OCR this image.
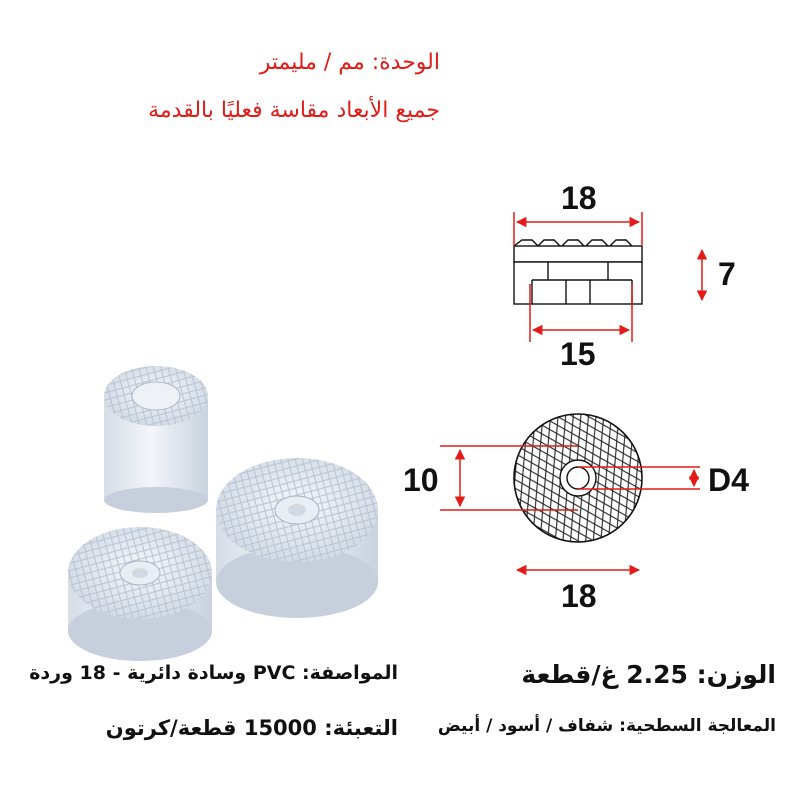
الوحدة: مم / مليمتر
جميع الأبعاد مقاسة فعليًا بالقدمة
18
7
15
10	D4
18
الوزن: 2.25 غ/قطعة
المواصفة: PVC وسادة دائرية - 18 وردة
المعالجة السطحية: شفاف / أسود / أبيض
التعبئة: 15000 قطعة/كرتون
